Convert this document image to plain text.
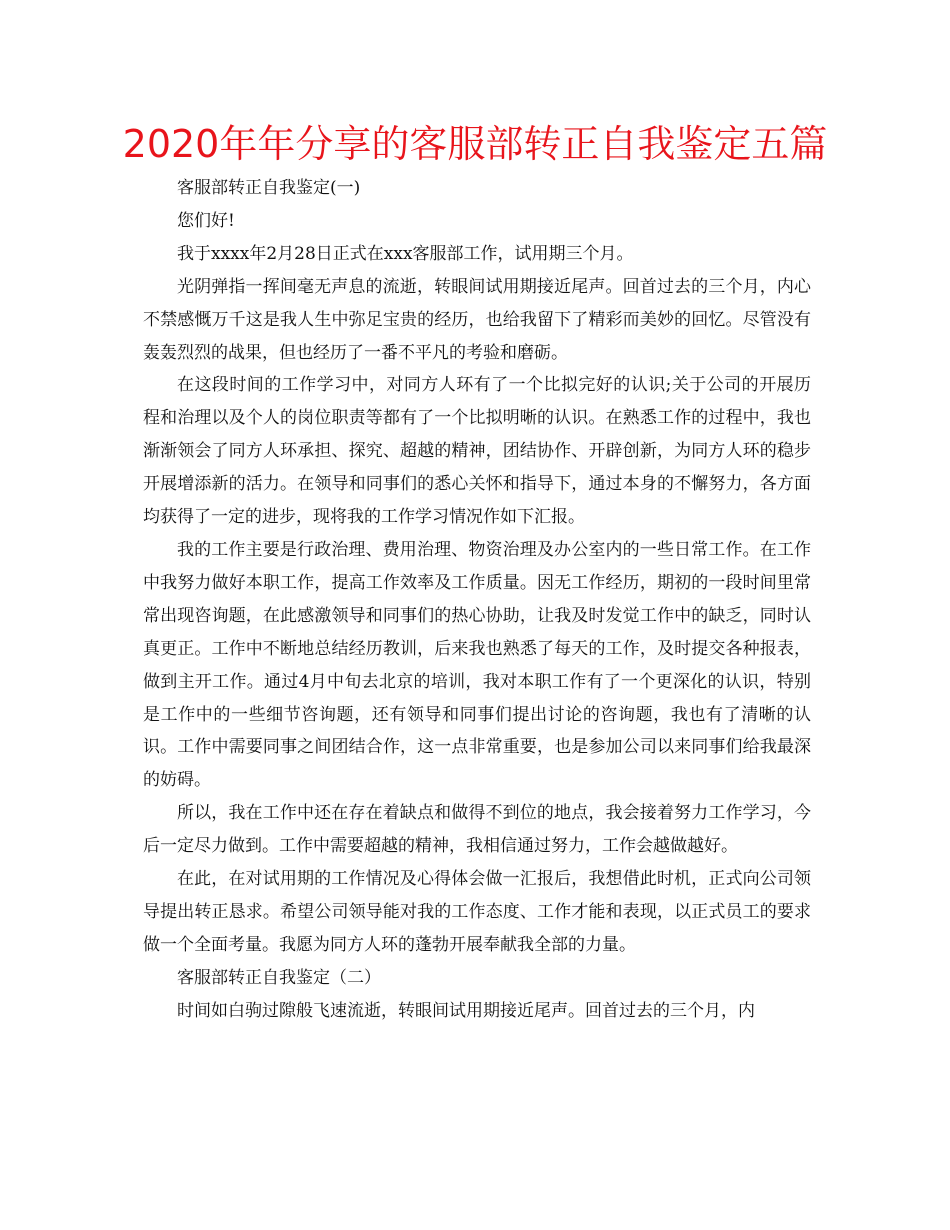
2020年年分享的客服部转正自我鉴定五篇

客服部转正自我鉴定(一)

您们好!

我于xxxx年2月28日正式在xxx客服部工作，试用期三个月。

光阴弹指一挥间毫无声息的流逝，转眼间试用期接近尾声。回首过去的三个月，内心不禁感慨万千这是我人生中弥足宝贵的经历，也给我留下了精彩而美妙的回忆。尽管没有轰轰烈烈的战果，但也经历了一番不平凡的考验和磨砺。

在这段时间的工作学习中，对同方人环有了一个比拟完好的认识;关于公司的开展历程和治理以及个人的岗位职责等都有了一个比拟明晰的认识。在熟悉工作的过程中，我也渐渐领会了同方人环承担、探究、超越的精神，团结协作、开辟创新，为同方人环的稳步开展增添新的活力。在领导和同事们的悉心关怀和指导下，通过本身的不懈努力，各方面均获得了一定的进步，现将我的工作学习情况作如下汇报。

我的工作主要是行政治理、费用治理、物资治理及办公室内的一些日常工作。在工作中我努力做好本职工作，提高工作效率及工作质量。因无工作经历，期初的一段时间里常常出现咨询题，在此感激领导和同事们的热心协助，让我及时发觉工作中的缺乏，同时认真更正。工作中不断地总结经历教训，后来我也熟悉了每天的工作，及时提交各种报表，做到主开工作。通过4月中旬去北京的培训，我对本职工作有了一个更深化的认识，特别是工作中的一些细节咨询题，还有领导和同事们提出讨论的咨询题，我也有了清晰的认识。工作中需要同事之间团结合作，这一点非常重要，也是参加公司以来同事们给我最深的妨碍。

所以，我在工作中还在存在着缺点和做得不到位的地点，我会接着努力工作学习，今后一定尽力做到。工作中需要超越的精神，我相信通过努力，工作会越做越好。

在此，在对试用期的工作情况及心得体会做一汇报后，我想借此时机，正式向公司领导提出转正恳求。希望公司领导能对我的工作态度、工作才能和表现，以正式员工的要求做一个全面考量。我愿为同方人环的蓬勃开展奉献我全部的力量。

客服部转正自我鉴定（二）

时间如白驹过隙般飞速流逝，转眼间试用期接近尾声。回首过去的三个月，内
